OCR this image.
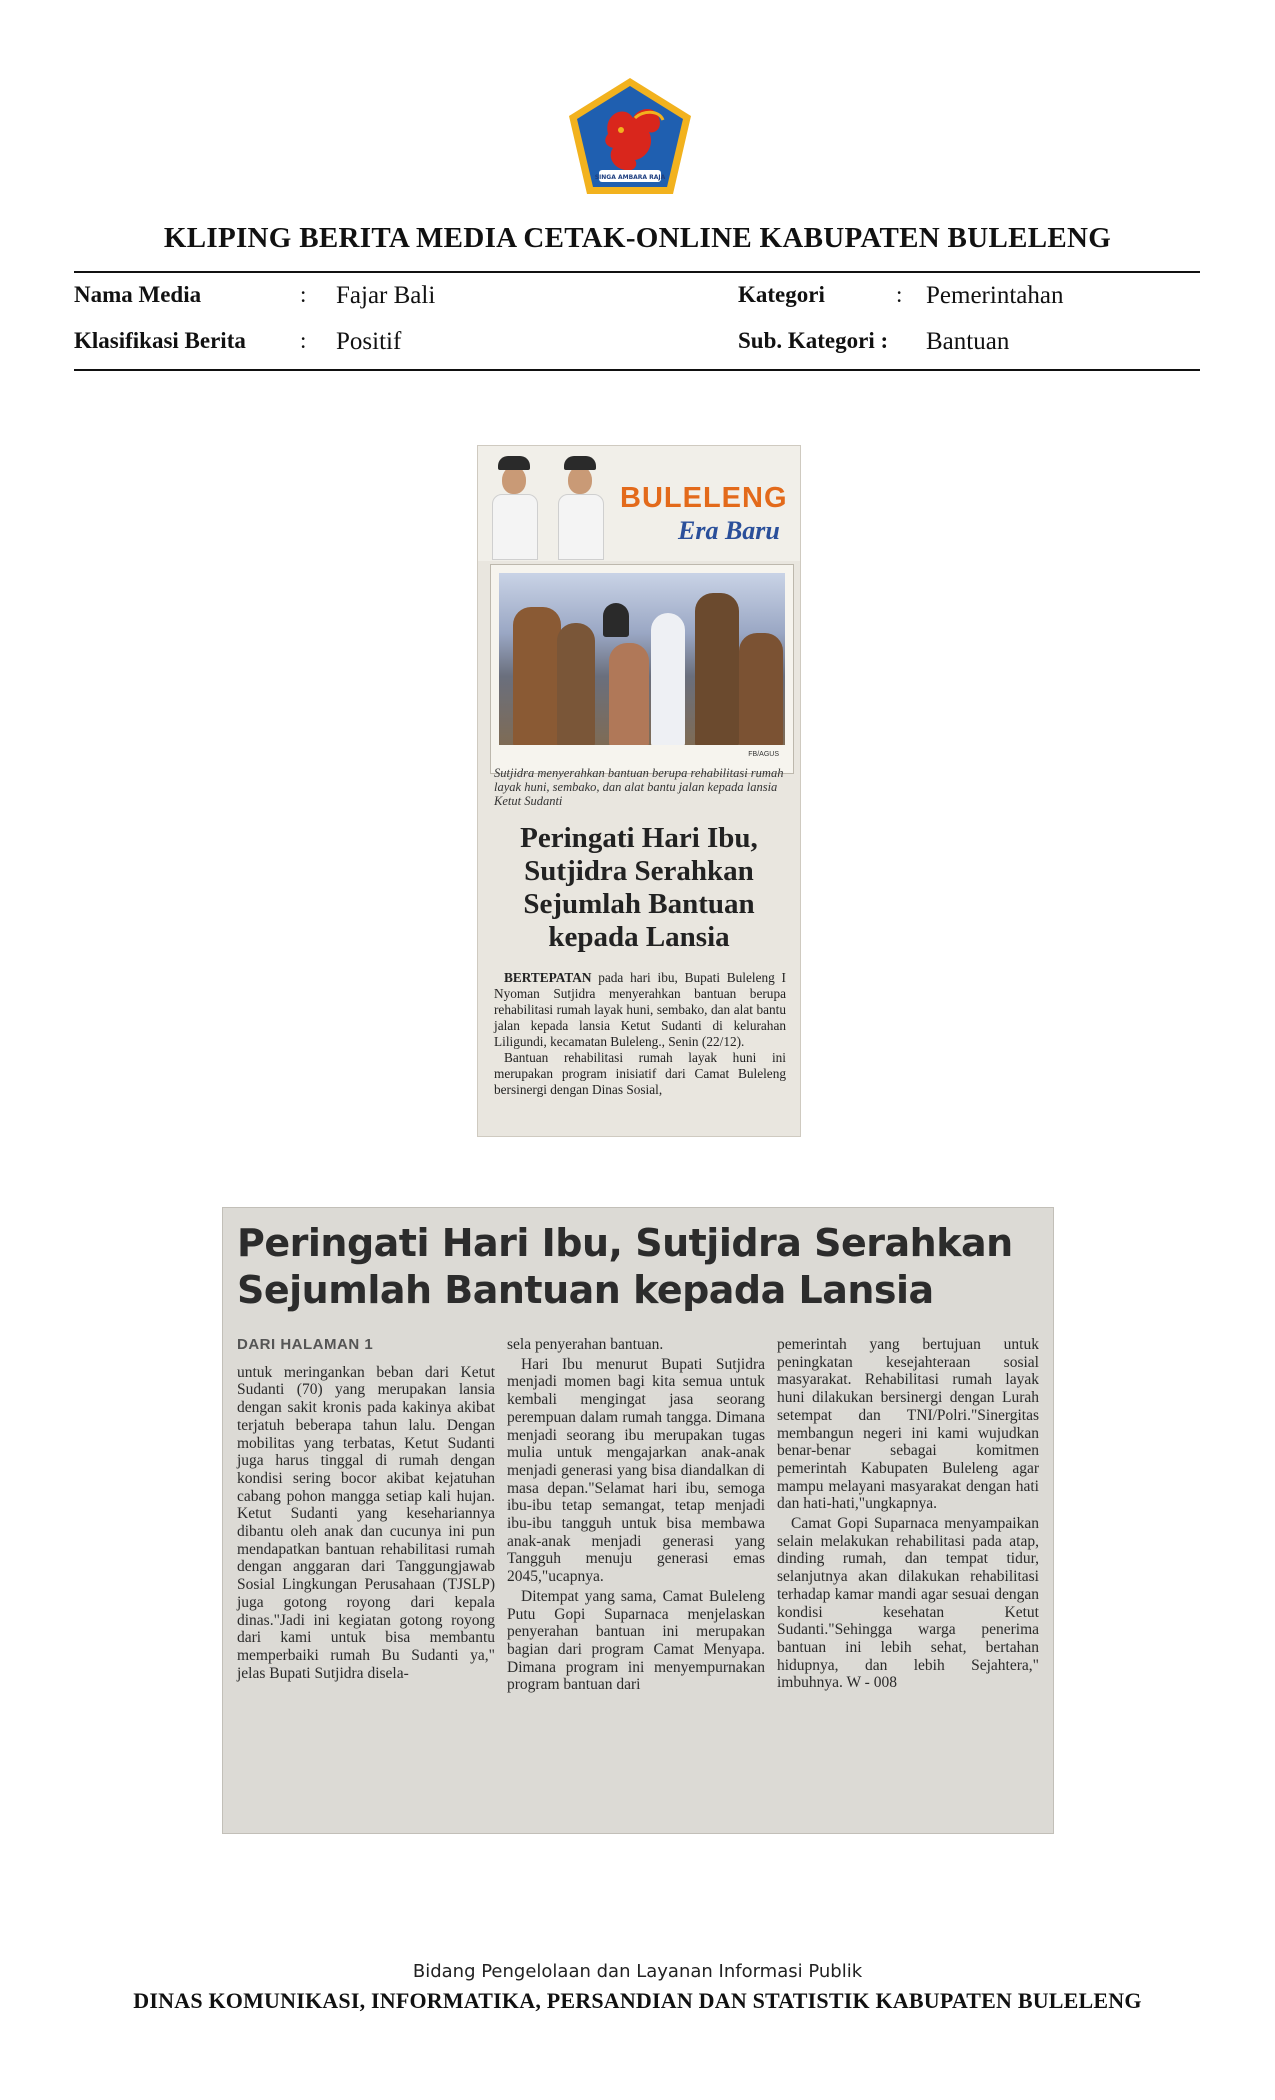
SINGA AMBARA RAJA
KLIPING BERITA MEDIA CETAK-ONLINE KABUPATEN BULELENG
Nama Media	: Fajar Bali
Klasifikasi Berita : Positif
Kategori	: Pemerintahan
Sub. Kategori : Bantuan
BULELENG
Era Baru
FB/AGUS
Sutjidra menyerahkan bantuan berupa rehabilitasi rumah layak huni, sembako, dan alat bantu jalan kepada lansia Ketut Sudanti
Peringati Hari Ibu, Sutjidra Serahkan Sejumlah Bantuan kepada Lansia

BERTEPATAN pada hari ibu, Bupati Buleleng I Nyoman Sutjidra menyerahkan bantuan berupa rehabilitasi rumah layak huni, sembako, dan alat bantu jalan kepada lansia Ketut Sudanti di kelurahan Liligundi, kecamatan Buleleng., Senin (22/12).

Bantuan rehabilitasi rumah layak huni ini merupakan program inisiatif dari Camat Buleleng bersinergi dengan Dinas Sosial,

Peringati Hari Ibu, Sutjidra Serahkan Sejumlah Bantuan kepada Lansia
DARI HALAMAN 1

untuk meringankan beban dari Ketut Sudanti (70) yang merupakan lansia dengan sakit kronis pada kakinya akibat terjatuh beberapa tahun lalu. Dengan mobilitas yang terbatas, Ketut Sudanti juga harus tinggal di rumah dengan kondisi sering bocor akibat kejatuhan cabang pohon mangga setiap kali hujan. Ketut Sudanti yang kesehariannya dibantu oleh anak dan cucunya ini pun mendapatkan bantuan rehabilitasi rumah dengan anggaran dari Tanggungjawab Sosial Lingkungan Perusahaan (TJSLP) juga gotong royong dari kepala dinas."Jadi ini kegiatan gotong royong dari kami untuk bisa membantu memperbaiki rumah Bu Sudanti ya," jelas Bupati Sutjidra disela-

sela penyerahan bantuan.

Hari Ibu menurut Bupati Sutjidra menjadi momen bagi kita semua untuk kembali mengingat jasa seorang perempuan dalam rumah tangga. Dimana menjadi seorang ibu merupakan tugas mulia untuk mengajarkan anak-anak menjadi generasi yang bisa diandalkan di masa depan."Selamat hari ibu, semoga ibu-ibu tetap semangat, tetap menjadi ibu-ibu tangguh untuk bisa membawa anak-anak menjadi generasi yang Tangguh menuju generasi emas 2045,"ucapnya.

Ditempat yang sama, Camat Buleleng Putu Gopi Suparnaca menjelaskan penyerahan bantuan ini merupakan bagian dari program Camat Menyapa. Dimana program ini menyempurnakan program bantuan dari

pemerintah yang bertujuan untuk peningkatan kesejahteraan sosial masyarakat. Rehabilitasi rumah layak huni dilakukan bersinergi dengan Lurah setempat dan TNI/Polri."Sinergitas membangun negeri ini kami wujudkan benar-benar sebagai komitmen pemerintah Kabupaten Buleleng agar mampu melayani masyarakat dengan hati dan hati-hati,"ungkapnya.

Camat Gopi Suparnaca menyampaikan selain melakukan rehabilitasi pada atap, dinding rumah, dan tempat tidur, selanjutnya akan dilakukan rehabilitasi terhadap kamar mandi agar sesuai dengan kondisi kesehatan Ketut Sudanti."Sehingga warga penerima bantuan ini lebih sehat, bertahan hidupnya, dan lebih Sejahtera," imbuhnya. W - 008

Bidang Pengelolaan dan Layanan Informasi Publik
DINAS KOMUNIKASI, INFORMATIKA, PERSANDIAN DAN STATISTIK KABUPATEN BULELENG
